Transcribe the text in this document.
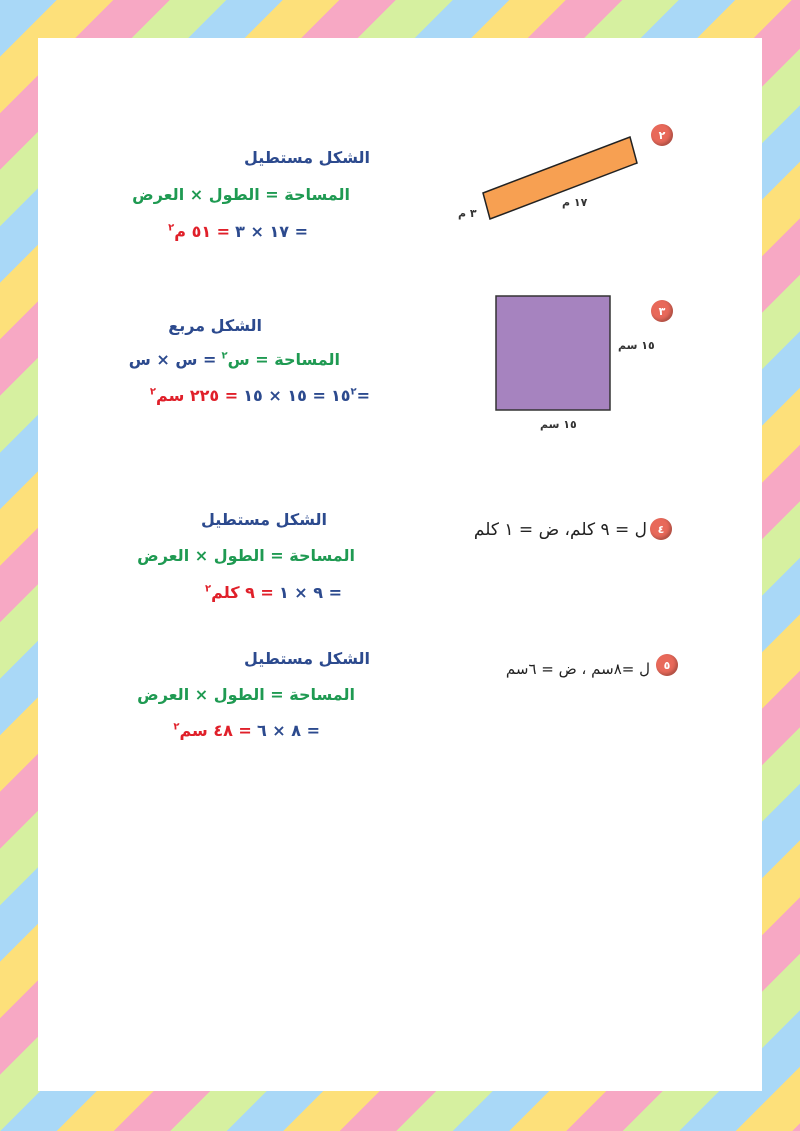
٢
١٧ م
٣ م
الشكل مستطيل
المساحة = الطول × العرض
= ١٧ × ٣ = ٥١ م$^٢$
٣
١٥ سم
١٥ سم
الشكل مربع
المساحة = س$^٢$ = س × س
$=١٥^٢$ = ١٥ × ١٥ = ٢٢٥ سم$^٢$
ل = ٩ كلم، ض = ١ كلم ٤
الشكل مستطيل
المساحة = الطول × العرض
= ٩ × ١ = ٩ كلم$^٢$
ل =٨سم ، ض = ٦سم	٥
الشكل مستطيل
المساحة = الطول × العرض
= ٨ × ٦ = ٤٨ سم$^٢$
